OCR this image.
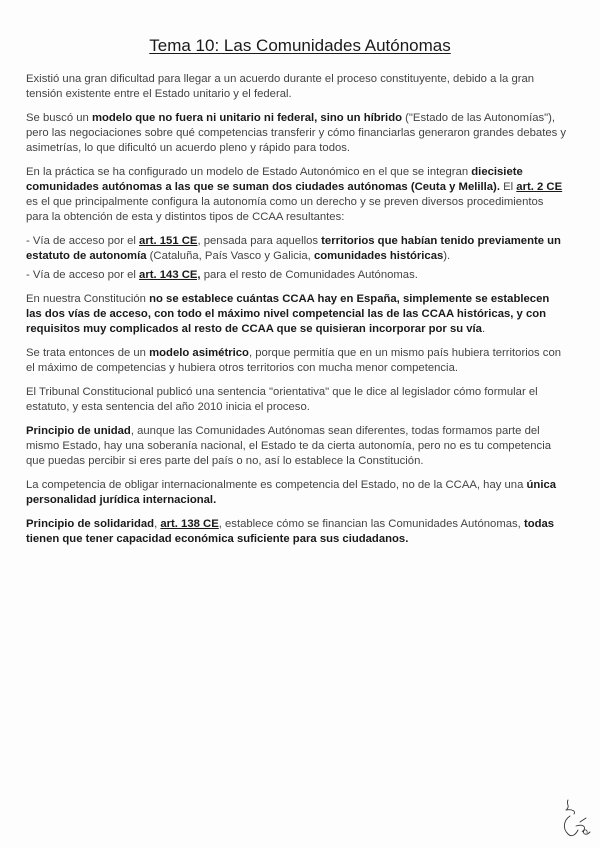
Tema 10: Las Comunidades Autónomas

Existió una gran dificultad para llegar a un acuerdo durante el proceso constituyente, debido a la gran tensión existente entre el Estado unitario y el federal.

Se buscó un modelo que no fuera ni unitario ni federal, sino un híbrido ("Estado de las Autonomías"), pero las negociaciones sobre qué competencias transferir y cómo financiarlas generaron grandes debates y asimetrías, lo que dificultó un acuerdo pleno y rápido para todos.

En la práctica se ha configurado un modelo de Estado Autonómico en el que se integran diecisiete comunidades autónomas a las que se suman dos ciudades autónomas (Ceuta y Melilla). El art. 2 CE es el que principalmente configura la autonomía como un derecho y se preven diversos procedimientos para la obtención de esta y distintos tipos de CCAA resultantes:

- Vía de acceso por el art. 151 CE, pensada para aquellos territorios que habían tenido previamente un estatuto de autonomía (Cataluña, País Vasco y Galicia, comunidades históricas).

- Vía de acceso por el art. 143 CE, para el resto de Comunidades Autónomas.

En nuestra Constitución no se establece cuántas CCAA hay en España, simplemente se establecen las dos vías de acceso, con todo el máximo nivel competencial las de las CCAA históricas, y con requisitos muy complicados al resto de CCAA que se quisieran incorporar por su vía.

Se trata entonces de un modelo asimétrico, porque permitía que en un mismo país hubiera territorios con el máximo de competencias y hubiera otros territorios con mucha menor competencia.

El Tribunal Constitucional publicó una sentencia "orientativa" que le dice al legislador cómo formular el estatuto, y esta sentencia del año 2010 inicia el proceso.

Principio de unidad, aunque las Comunidades Autónomas sean diferentes, todas formamos parte del mismo Estado, hay una soberanía nacional, el Estado te da cierta autonomía, pero no es tu competencia que puedas percibir si eres parte del país o no, así lo establece la Constitución.

La competencia de obligar internacionalmente es competencia del Estado, no de la CCAA, hay una única personalidad jurídica internacional.

Principio de solidaridad, art. 138 CE, establece cómo se financian las Comunidades Autónomas, todas tienen que tener capacidad económica suficiente para sus ciudadanos.
